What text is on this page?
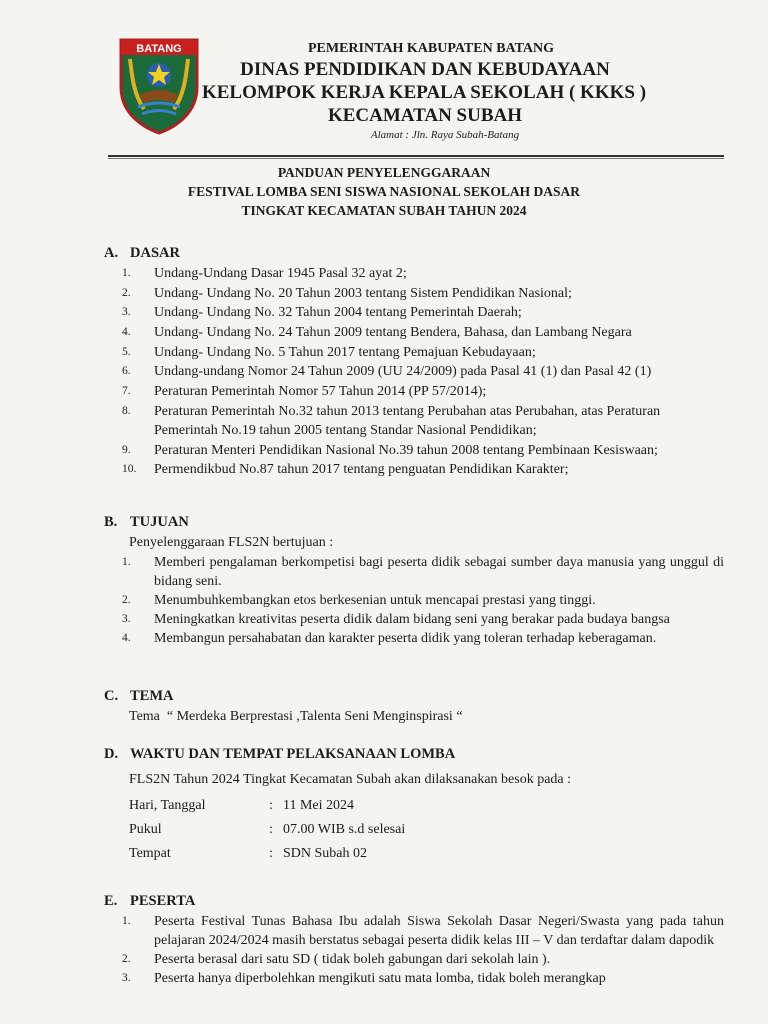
BATANG	PEMERINTAH KABUPATEN BATANG
DINAS PENDIDIKAN DAN KEBUDAYAAN
KELOMPOK KERJA KEPALA SEKOLAH ( KKKS )
KECAMATAN SUBAH
Alamat : Jln. Raya Subah-Batang
PANDUAN PENYELENGGARAAN
FESTIVAL LOMBA SENI SISWA NASIONAL SEKOLAH DASAR
TINGKAT KECAMATAN SUBAH TAHUN 2024
A. DASAR
1.	Undang-Undang Dasar 1945 Pasal 32 ayat 2;
2.	Undang- Undang No. 20 Tahun 2003 tentang Sistem Pendidikan Nasional;
3.	Undang- Undang No. 32 Tahun 2004 tentang Pemerintah Daerah;
4.	Undang- Undang No. 24 Tahun 2009 tentang Bendera, Bahasa, dan Lambang Negara
5.	Undang- Undang No. 5 Tahun 2017 tentang Pemajuan Kebudayaan;
6.	Undang-undang Nomor 24 Tahun 2009 (UU 24/2009) pada Pasal 41 (1) dan Pasal 42 (1)
7.	Peraturan Pemerintah Nomor 57 Tahun 2014 (PP 57/2014);
8.	Peraturan Pemerintah No.32 tahun 2013 tentang Perubahan atas Perubahan, atas Peraturan Pemerintah No.19 tahun 2005 tentang Standar Nasional Pendidikan;
9.	Peraturan Menteri Pendidikan Nasional No.39 tahun 2008 tentang Pembinaan Kesiswaan;
10.	Permendikbud No.87 tahun 2017 tentang penguatan Pendidikan Karakter;
B. TUJUAN
Penyelenggaraan FLS2N bertujuan :
1.	Memberi pengalaman berkompetisi bagi peserta didik sebagai sumber daya manusia yang unggul di bidang seni.
2.	Menumbuhkembangkan etos berkesenian untuk mencapai prestasi yang tinggi.
3.	Meningkatkan kreativitas peserta didik dalam bidang seni yang berakar pada budaya bangsa
4.	Membangun persahabatan dan karakter peserta didik yang toleran terhadap keberagaman.
C. TEMA
Tema  “ Merdeka Berprestasi ,Talenta Seni Menginspirasi “
D. WAKTU DAN TEMPAT PELAKSANAAN LOMBA
FLS2N Tahun 2024 Tingkat Kecamatan Subah akan dilaksanakan besok pada :
Hari, Tanggal	: 11 Mei 2024
Pukul	: 07.00 WIB s.d selesai
Tempat	: SDN Subah 02
E. PESERTA
1.	Peserta Festival Tunas Bahasa Ibu adalah Siswa Sekolah Dasar Negeri/Swasta yang pada tahun pelajaran 2024/2024 masih berstatus sebagai peserta didik kelas III – V dan terdaftar dalam dapodik
2.	Peserta berasal dari satu SD ( tidak boleh gabungan dari sekolah lain ).
3.	Peserta hanya diperbolehkan mengikuti satu mata lomba, tidak boleh merangkap
